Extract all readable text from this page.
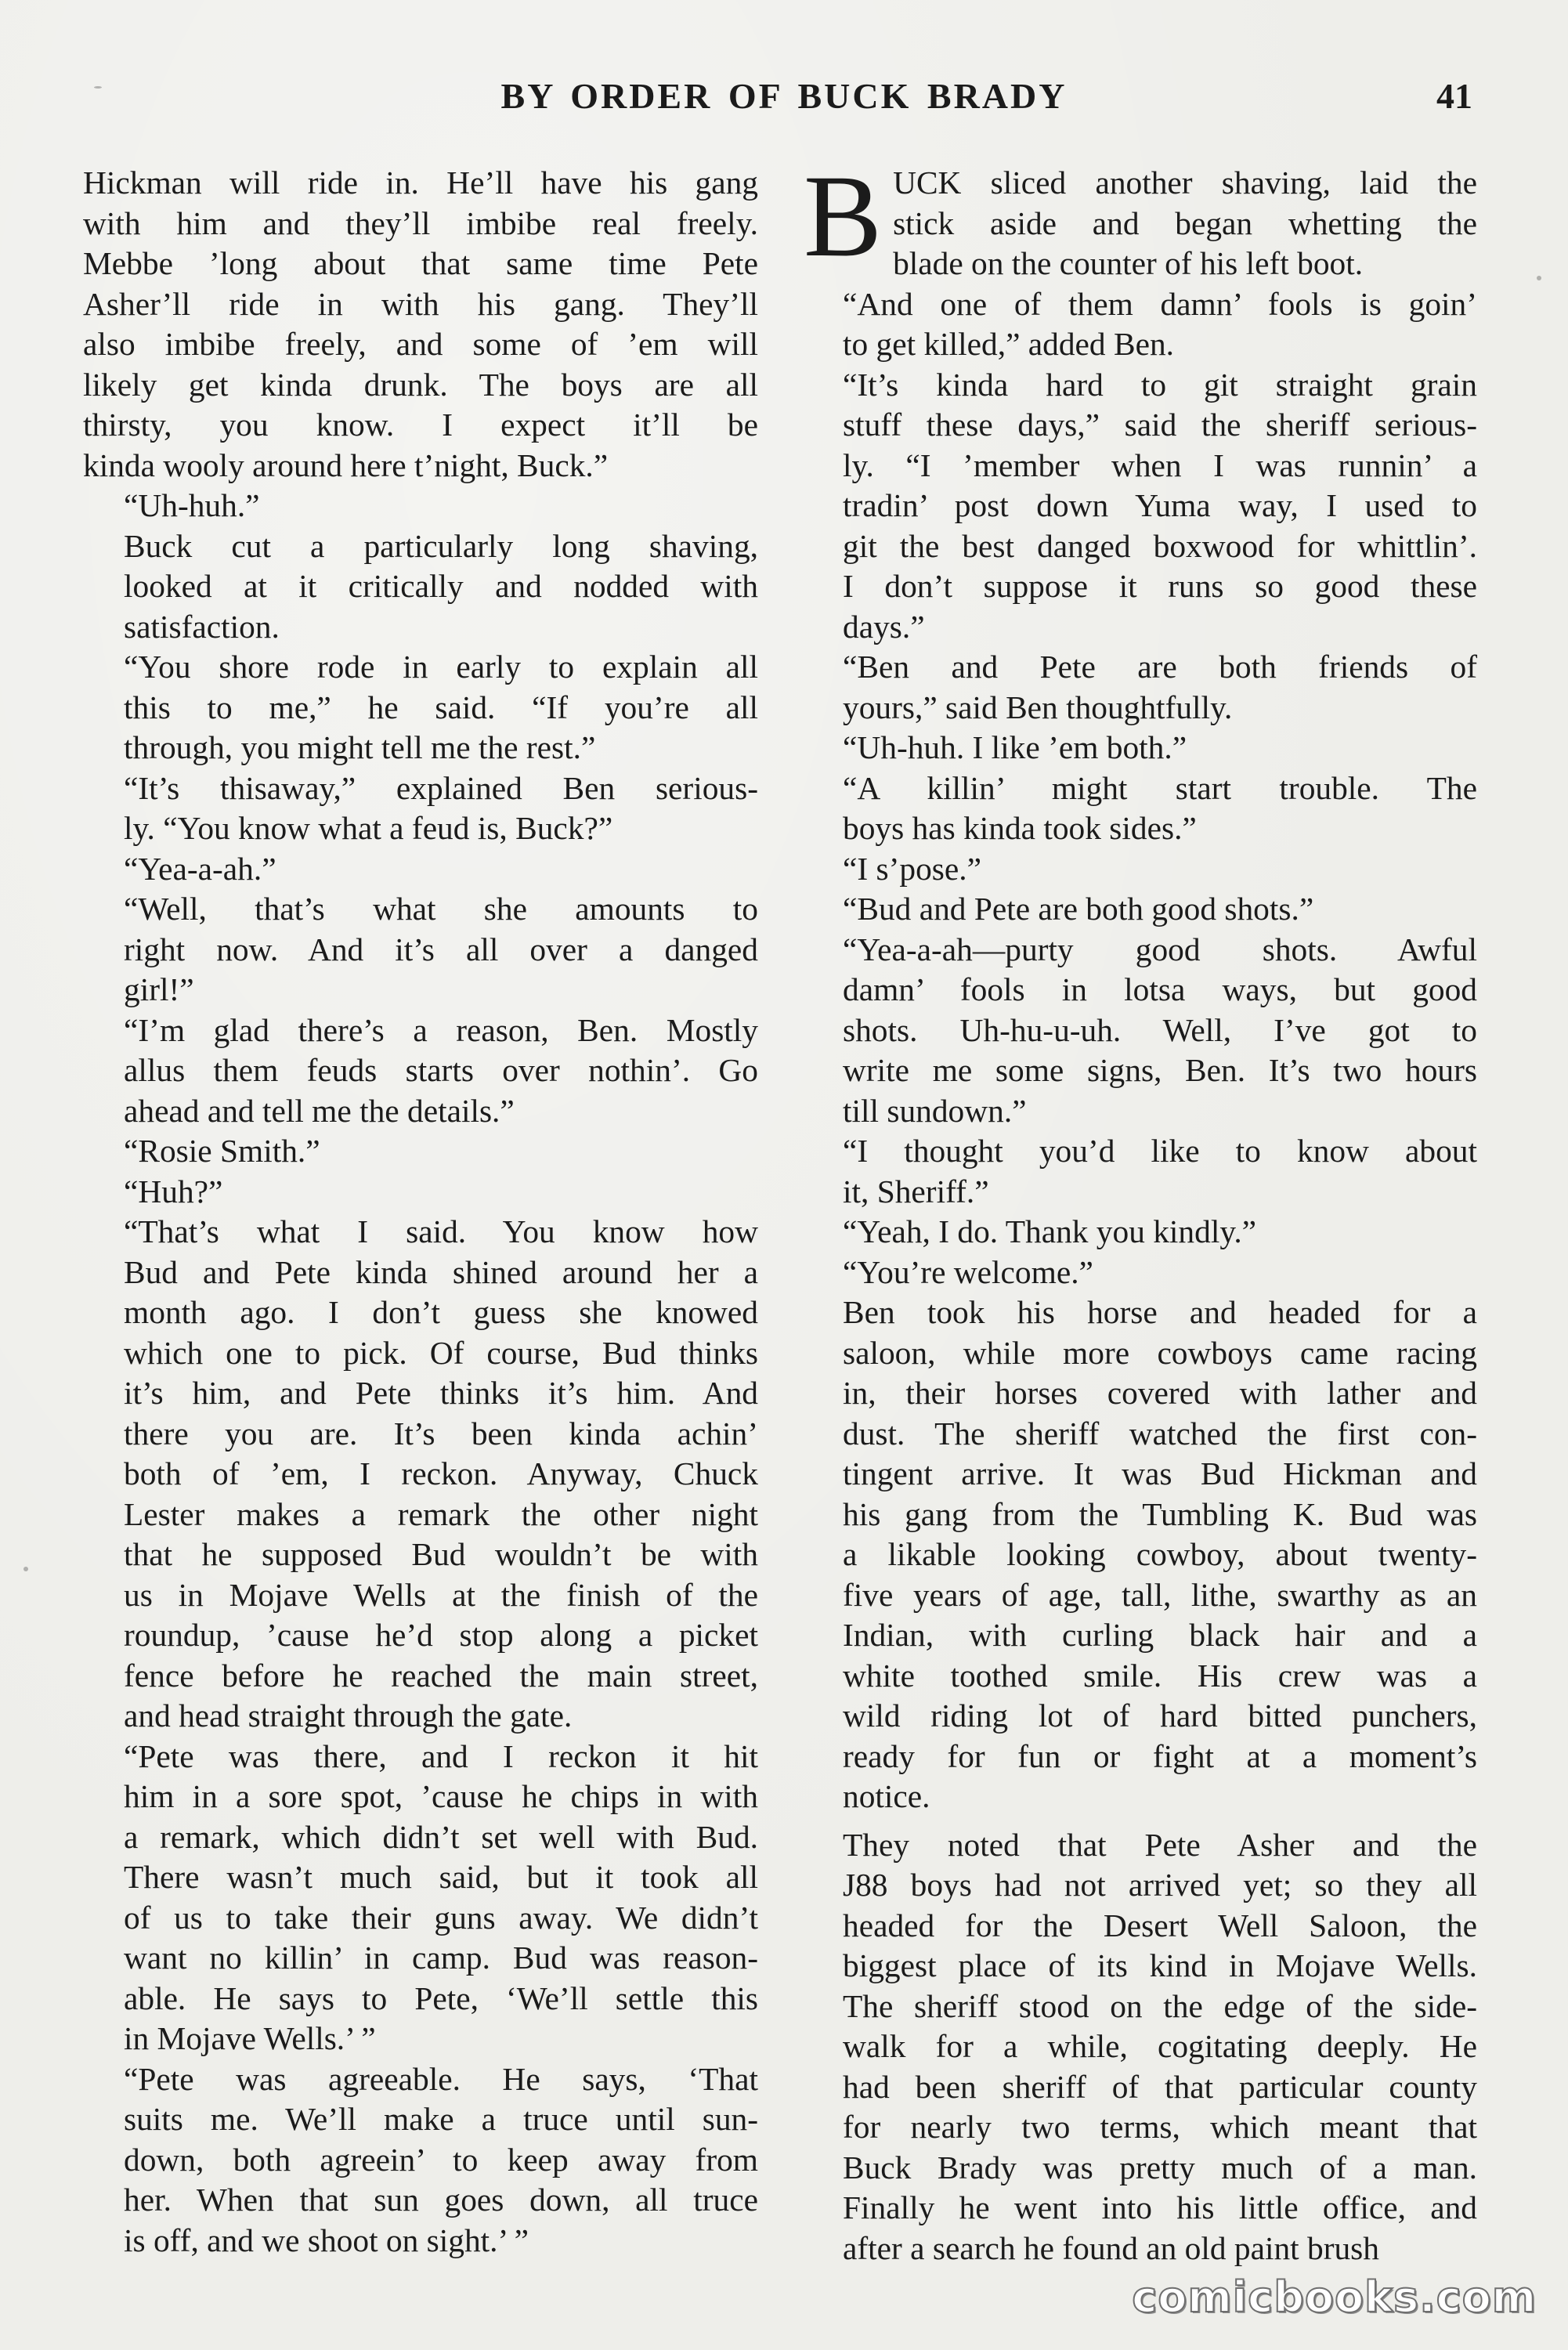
BY ORDER OF BUCK BRADY	41

Hickman will ride in. He’ll have his gang
with him and they’ll imbibe real freely.
Mebbe ’long about that same time Pete
Asher’ll ride in with his gang. They’ll
also imbibe freely, and some of ’em will
likely get kinda drunk. The boys are all
thirsty, you know. I expect it’ll be
kinda wooly around here t’night, Buck.”

“Uh-huh.”

Buck cut a particularly long shaving,
looked at it critically and nodded with
satisfaction.

“You shore rode in early to explain all
this to me,” he said. “If you’re all
through, you might tell me the rest.”

“It’s thisaway,” explained Ben serious-
ly. “You know what a feud is, Buck?”

“Yea-a-ah.”

“Well, that’s what she amounts to
right now. And it’s all over a danged
girl!”

“I’m glad there’s a reason, Ben. Mostly
allus them feuds starts over nothin’. Go
ahead and tell me the details.”

“Rosie Smith.”

“Huh?”

“That’s what I said. You know how
Bud and Pete kinda shined around her a
month ago. I don’t guess she knowed
which one to pick. Of course, Bud thinks
it’s him, and Pete thinks it’s him. And
there you are. It’s been kinda achin’
both of ’em, I reckon. Anyway, Chuck
Lester makes a remark the other night
that he supposed Bud wouldn’t be with
us in Mojave Wells at the finish of the
roundup, ’cause he’d stop along a picket
fence before he reached the main street,
and head straight through the gate.

“Pete was there, and I reckon it hit
him in a sore spot, ’cause he chips in with
a remark, which didn’t set well with Bud.
There wasn’t much said, but it took all
of us to take their guns away. We didn’t
want no killin’ in camp. Bud was reason-
able. He says to Pete, ‘We’ll settle this
in Mojave Wells.’ ”

“Pete was agreeable. He says, ‘That
suits me. We’ll make a truce until sun-
down, both agreein’ to keep away from
her. When that sun goes down, all truce
is off, and we shoot on sight.’ ”

B UCK sliced another shaving, laid the
stick aside and began whetting the
blade on the counter of his left boot.

“And one of them damn’ fools is goin’
to get killed,” added Ben.

“It’s kinda hard to git straight grain
stuff these days,” said the sheriff serious-
ly. “I ’member when I was runnin’ a
tradin’ post down Yuma way, I used to
git the best danged boxwood for whittlin’.
I don’t suppose it runs so good these
days.”

“Ben and Pete are both friends of
yours,” said Ben thoughtfully.

“Uh-huh. I like ’em both.”

“A killin’ might start trouble. The
boys has kinda took sides.”

“I s’pose.”

“Bud and Pete are both good shots.”

“Yea-a-ah—purty good shots. Awful
damn’ fools in lotsa ways, but good
shots. Uh-hu-u-uh. Well, I’ve got to
write me some signs, Ben. It’s two hours
till sundown.”

“I thought you’d like to know about
it, Sheriff.”

“Yeah, I do. Thank you kindly.”

“You’re welcome.”

Ben took his horse and headed for a
saloon, while more cowboys came racing
in, their horses covered with lather and
dust. The sheriff watched the first con-
tingent arrive. It was Bud Hickman and
his gang from the Tumbling K. Bud was
a likable looking cowboy, about twenty-
five years of age, tall, lithe, swarthy as an
Indian, with curling black hair and a
white toothed smile. His crew was a
wild riding lot of hard bitted punchers,
ready for fun or fight at a moment’s
notice.

They noted that Pete Asher and the
J88 boys had not arrived yet; so they all
headed for the Desert Well Saloon, the
biggest place of its kind in Mojave Wells.
The sheriff stood on the edge of the side-
walk for a while, cogitating deeply. He
had been sheriff of that particular county
for nearly two terms, which meant that
Buck Brady was pretty much of a man.
Finally he went into his little office, and
after a search he found an old paint brush

comicbooks.com
